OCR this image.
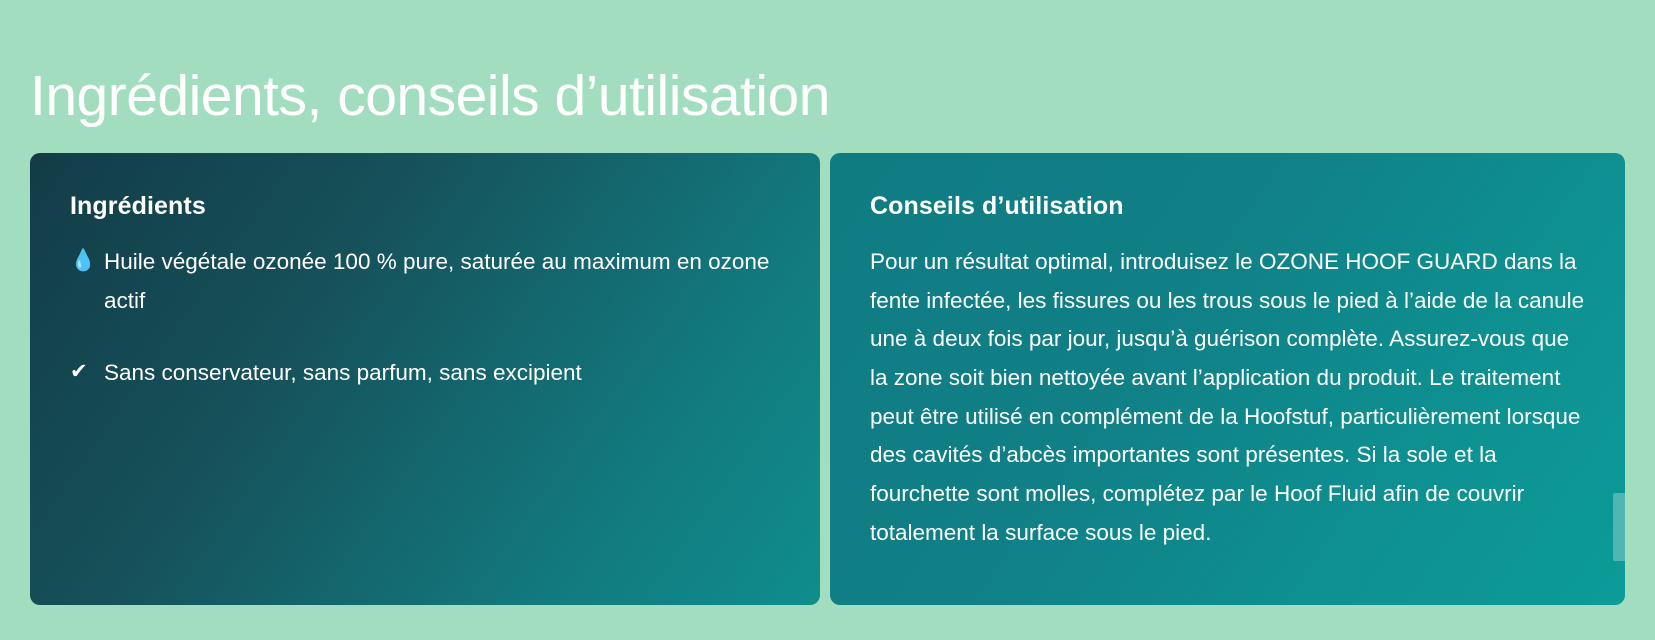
Ingrédients, conseils d’utilisation
Ingrédients
💧 Huile végétale ozonée 100 % pure, saturée au maximum en ozone actif
✔ Sans conservateur, sans parfum, sans excipient
Conseils d’utilisation

Pour un résultat optimal, introduisez le OZONE HOOF GUARD dans la fente infectée, les fissures ou les trous sous le pied à l’aide de la canule une à deux fois par jour, jusqu’à guérison complète. Assurez-vous que la zone soit bien nettoyée avant l’application du produit. Le traitement peut être utilisé en complément de la Hoofstuf, particulièrement lorsque des cavités d’abcès importantes sont présentes. Si la sole et la fourchette sont molles, complétez par le Hoof Fluid afin de couvrir totalement la surface sous le pied.
